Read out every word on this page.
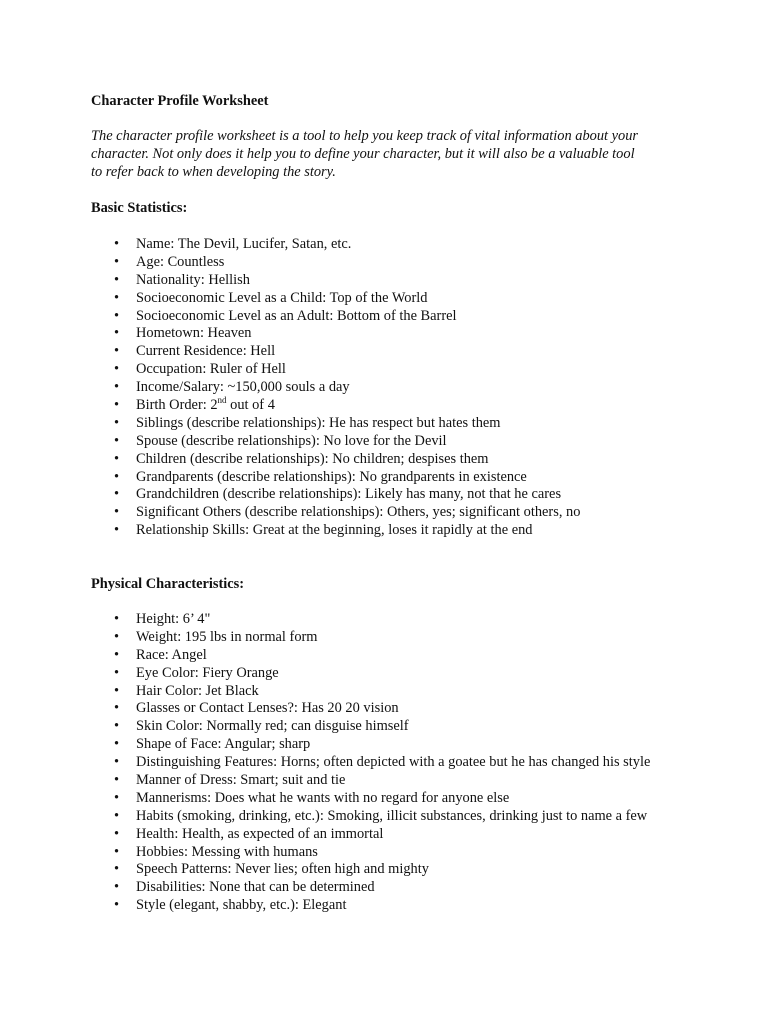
Character Profile Worksheet

The character profile worksheet is a tool to help you keep track of vital information about your
character. Not only does it help you to define your character, but it will also be a valuable tool
to refer back to when developing the story.

Basic Statistics:

• Name: The Devil, Lucifer, Satan, etc.
• Age: Countless
• Nationality: Hellish
• Socioeconomic Level as a Child: Top of the World
• Socioeconomic Level as an Adult: Bottom of the Barrel
• Hometown: Heaven
• Current Residence: Hell
• Occupation: Ruler of Hell
• Income/Salary: ~150,000 souls a day
• Birth Order: 2nd out of 4
• Siblings (describe relationships): He has respect but hates them
• Spouse (describe relationships): No love for the Devil
• Children (describe relationships): No children; despises them
• Grandparents (describe relationships): No grandparents in existence
• Grandchildren (describe relationships): Likely has many, not that he cares
• Significant Others (describe relationships): Others, yes; significant others, no
• Relationship Skills: Great at the beginning, loses it rapidly at the end

Physical Characteristics:

• Height: 6’ 4"
• Weight: 195 lbs in normal form
• Race: Angel
• Eye Color: Fiery Orange
• Hair Color: Jet Black
• Glasses or Contact Lenses?: Has 20 20 vision
• Skin Color: Normally red; can disguise himself
• Shape of Face: Angular; sharp
• Distinguishing Features: Horns; often depicted with a goatee but he has changed his style
• Manner of Dress: Smart; suit and tie
• Mannerisms: Does what he wants with no regard for anyone else
• Habits (smoking, drinking, etc.): Smoking, illicit substances, drinking just to name a few
• Health: Health, as expected of an immortal
• Hobbies: Messing with humans
• Speech Patterns: Never lies; often high and mighty
• Disabilities: None that can be determined
• Style (elegant, shabby, etc.): Elegant
